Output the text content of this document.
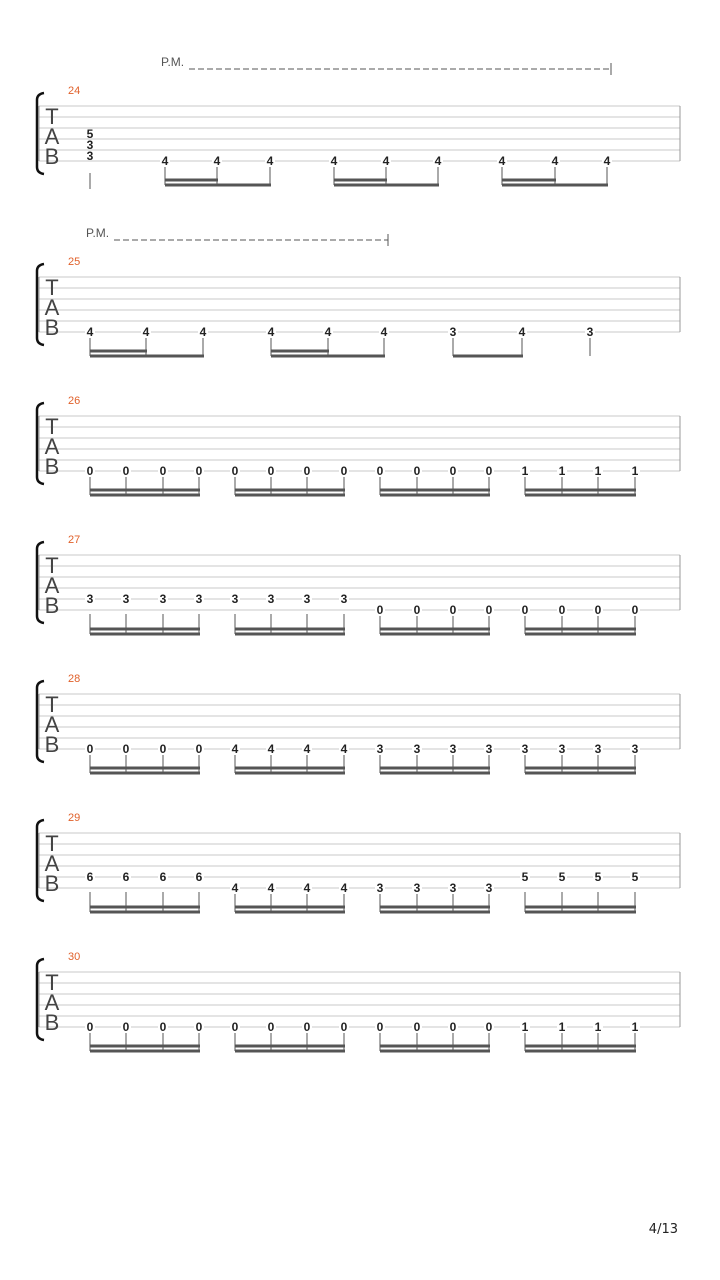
T
A
B
24
5
3
3	4	4	4	4	4	4	4	4	4
P.M.
T
A
B
25
4	4	4	4	4	4	3	4	3
P.M.
T
A
B
26
0 0	0 0 0 0 0	0 0	0 0 0 1	1 1	1
T
A
B
27
3 3	3 3 3 3 3	3
0	0 0 0 0	0 0	0
T
A
B
28
0 0	0 0 4 4 4	4 3	3 3 3 3	3 3	3
T
A
B
29
6 6	6 6
4 4 4	4 3	3 3 3
5	5 5	5
T
A
B
30
0 0	0 0 0 0 0	0 0	0 0 0 1	1 1	1
4/13
